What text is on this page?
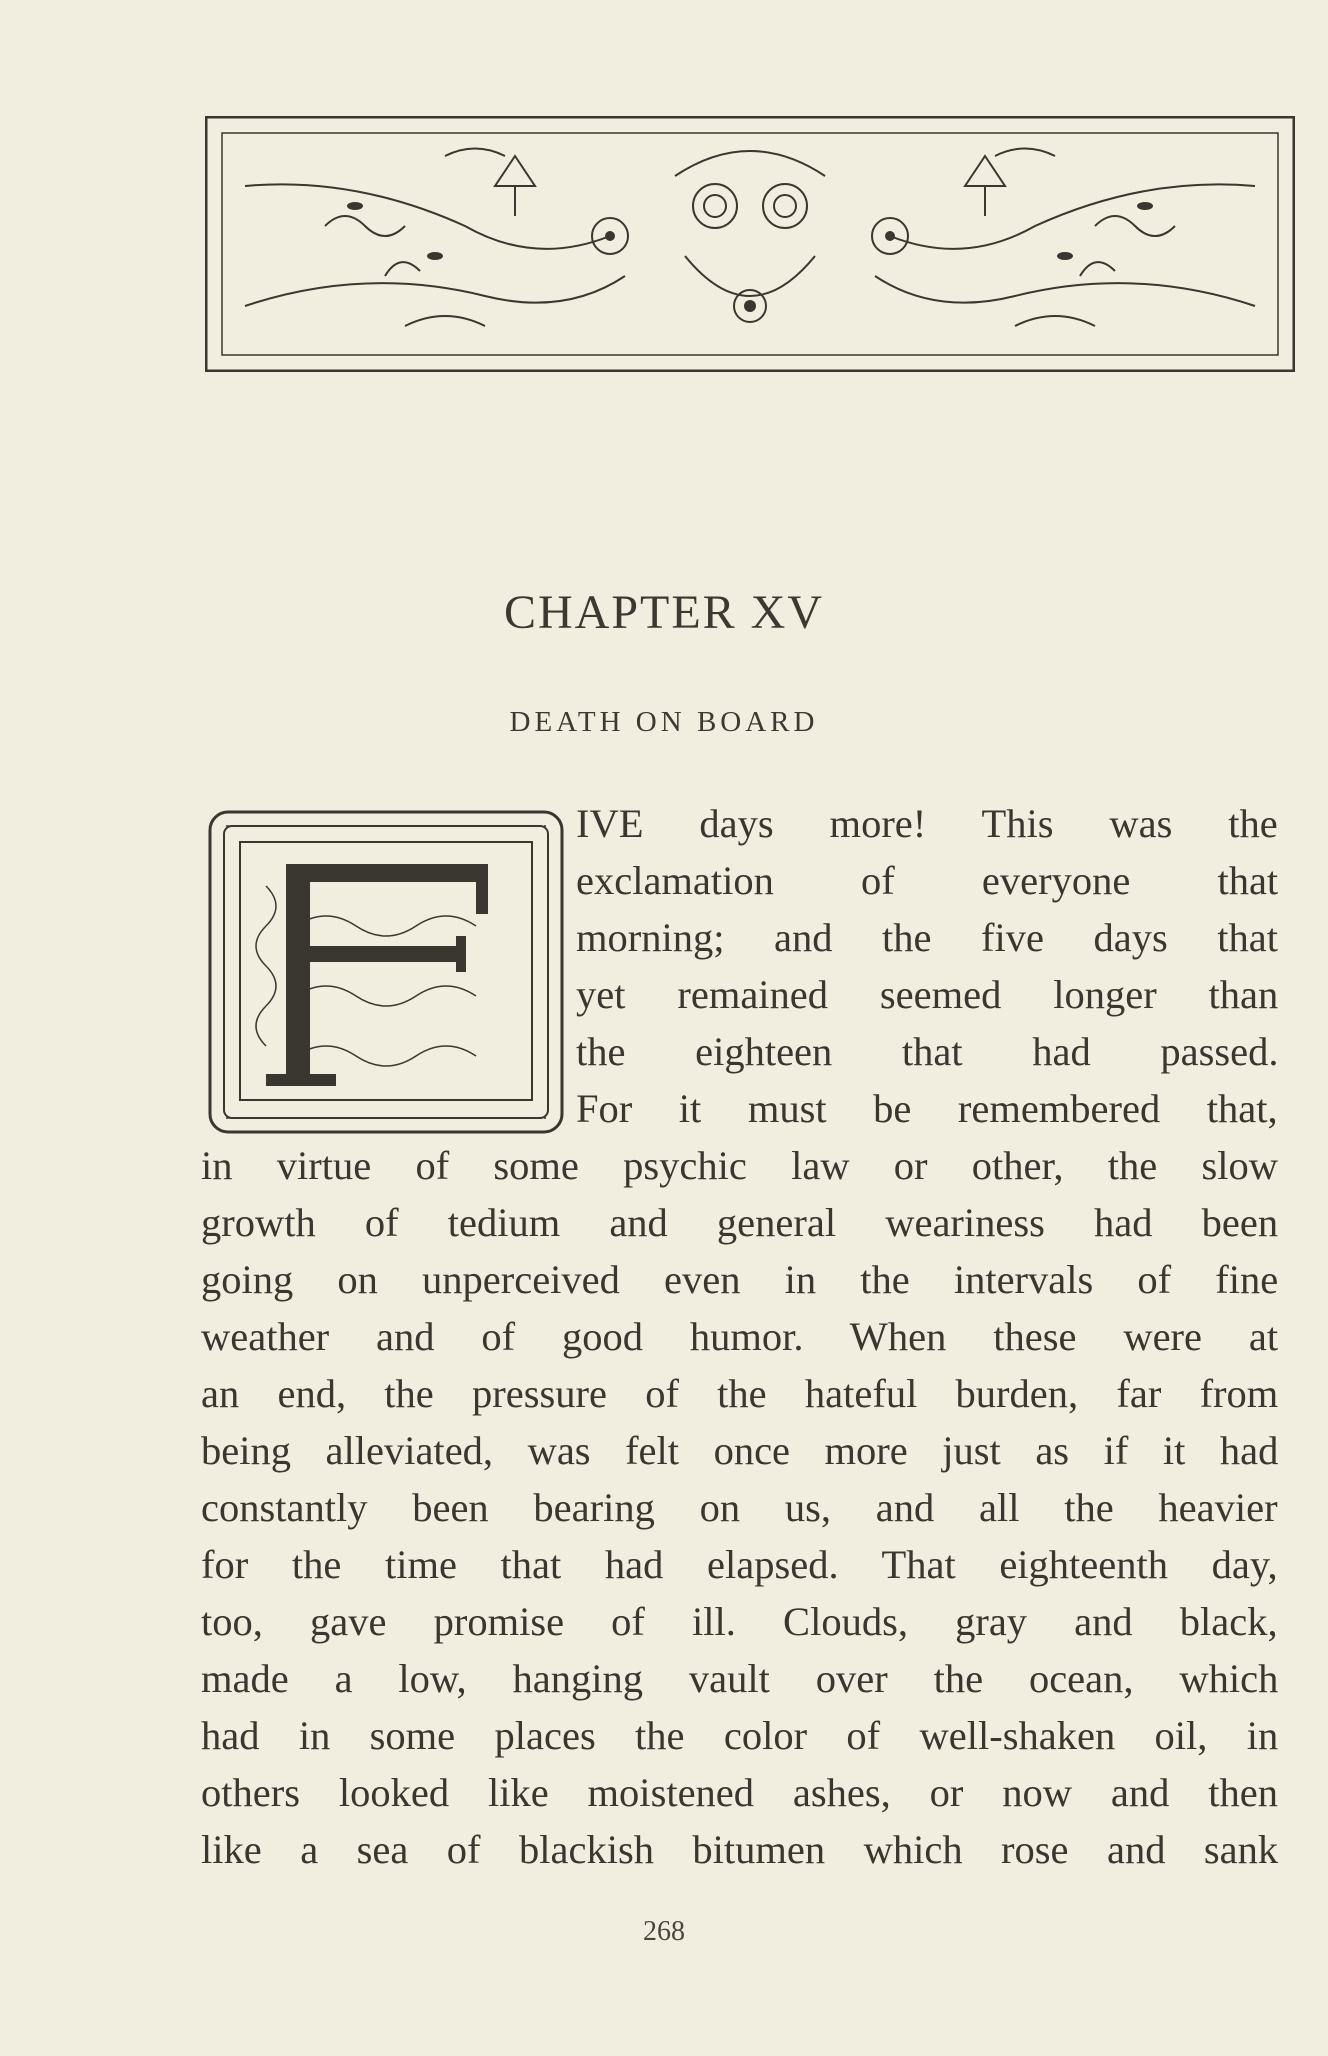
CHAPTER XV
DEATH ON BOARD
IVE days more! This was the
exclamation of everyone that
morning; and the five days that
yet remained seemed longer than
the eighteen that had passed.
For it must be remembered that,
in virtue of some psychic law or other, the slow
growth of tedium and general weariness had been
going on unperceived even in the intervals of fine
weather and of good humor. When these were at
an end, the pressure of the hateful burden, far from
being alleviated, was felt once more just as if it had
constantly been bearing on us, and all the heavier
for the time that had elapsed. That eighteenth day,
too, gave promise of ill. Clouds, gray and black,
made a low, hanging vault over the ocean, which
had in some places the color of well-shaken oil, in
others looked like moistened ashes, or now and then
like a sea of blackish bitumen which rose and sank
268
